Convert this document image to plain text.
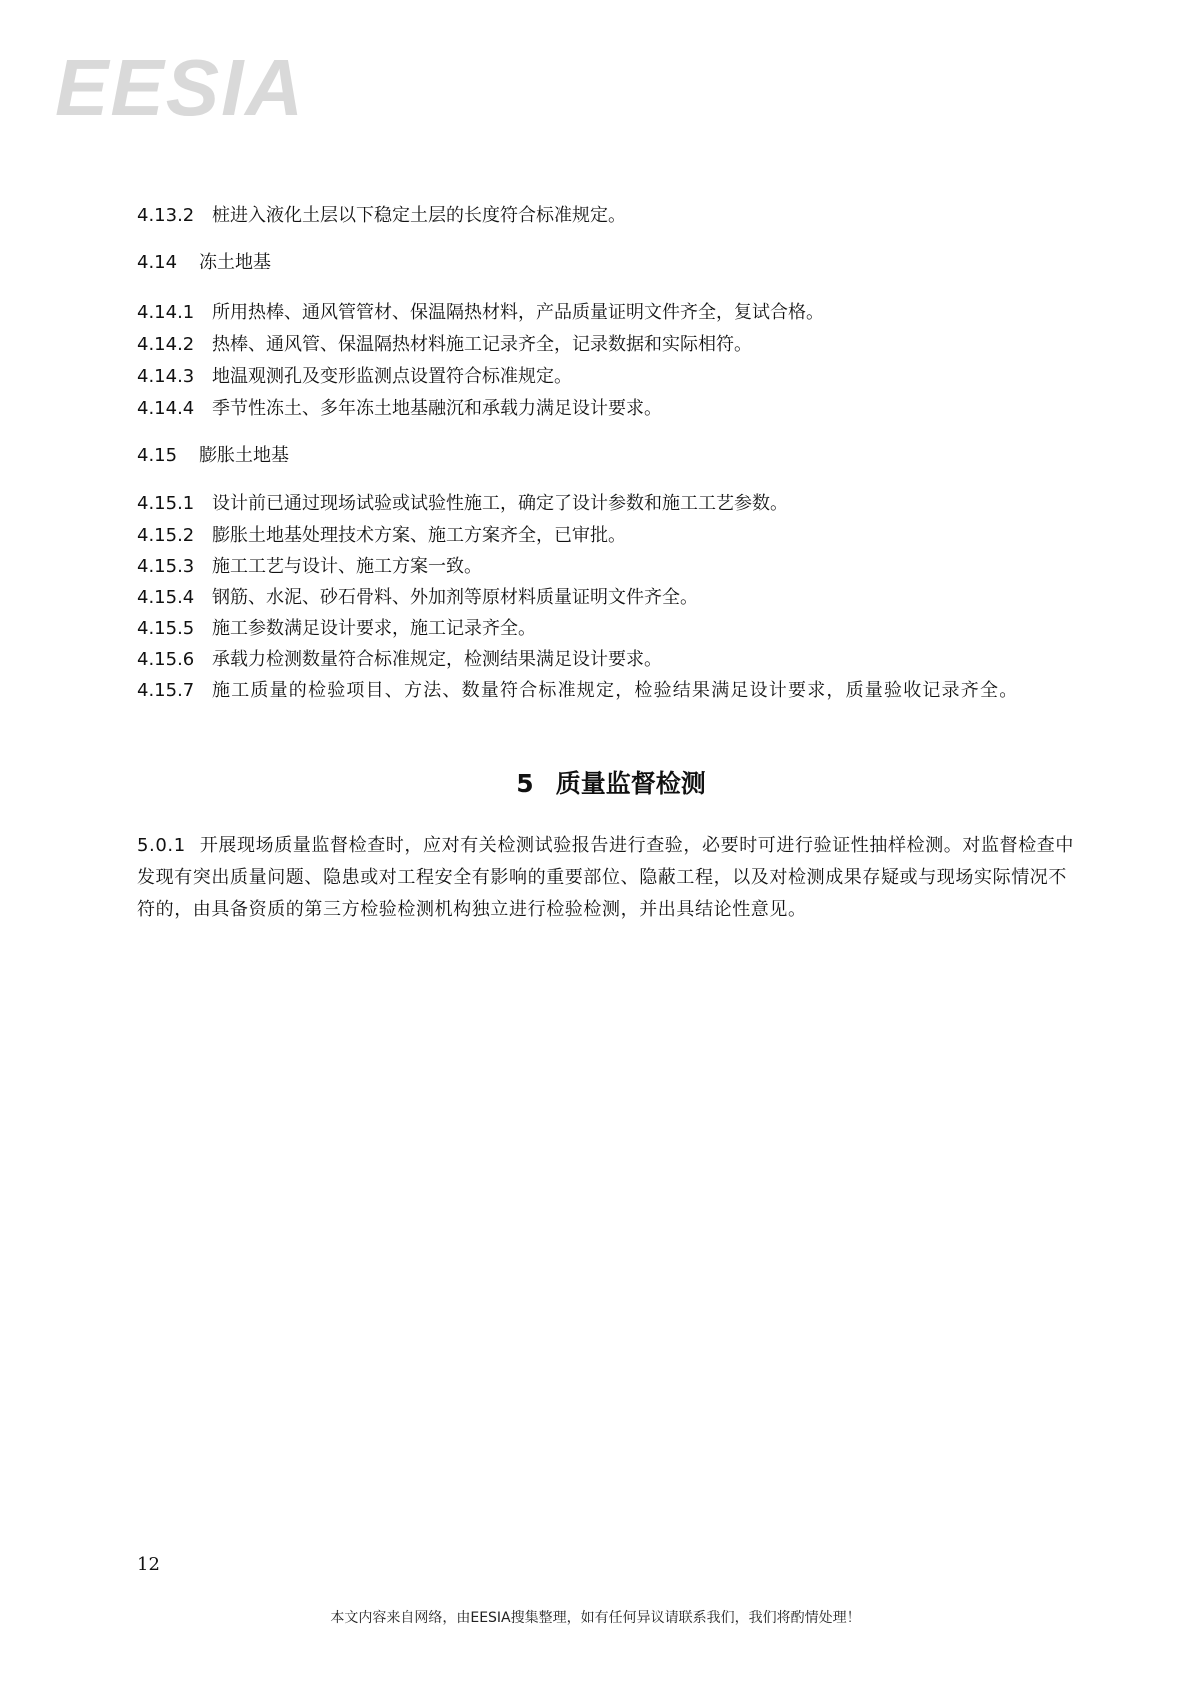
EESIA
4.13.2 桩进入液化土层以下稳定土层的长度符合标准规定。
4.14 冻土地基
4.14.1 所用热棒、通风管管材、保温隔热材料，产品质量证明文件齐全，复试合格。
4.14.2 热棒、通风管、保温隔热材料施工记录齐全，记录数据和实际相符。
4.14.3 地温观测孔及变形监测点设置符合标准规定。
4.14.4 季节性冻土、多年冻土地基融沉和承载力满足设计要求。
4.15 膨胀土地基
4.15.1 设计前已通过现场试验或试验性施工，确定了设计参数和施工工艺参数。
4.15.2 膨胀土地基处理技术方案、施工方案齐全，已审批。
4.15.3 施工工艺与设计、施工方案一致。
4.15.4 钢筋、水泥、砂石骨料、外加剂等原材料质量证明文件齐全。
4.15.5 施工参数满足设计要求，施工记录齐全。
4.15.6 承载力检测数量符合标准规定，检测结果满足设计要求。
4.15.7 施工质量的检验项目、方法、数量符合标准规定，检验结果满足设计要求，质量验收记录齐全。
5 质量监督检测
5.0.1 开展现场质量监督检查时，应对有关检测试验报告进行查验，必要时可进行验证性抽样检测。对监督检查中发现有突出质量问题、隐患或对工程安全有影响的重要部位、隐蔽工程，以及对检测成果存疑或与现场实际情况不符的，由具备资质的第三方检验检测机构独立进行检验检测，并出具结论性意见。
12
本文内容来自网络，由EESIA搜集整理，如有任何异议请联系我们，我们将酌情处理！
